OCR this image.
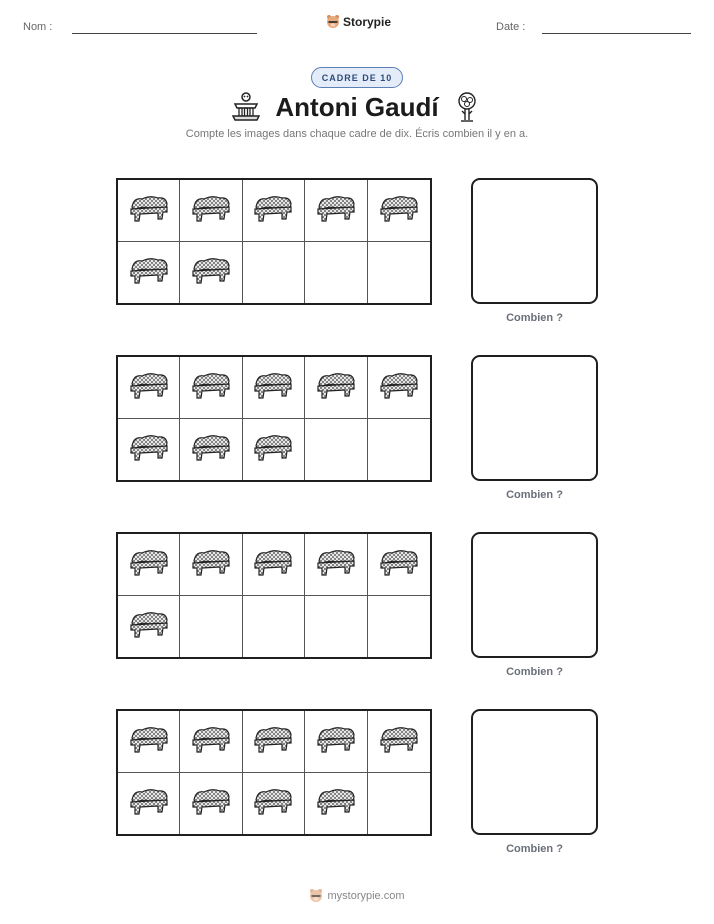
Nom :	Storypie	Date :
CADRE DE 10
Antoni Gaudí
Compte les images dans chaque cadre de dix. Écris combien il y en a.
Combien ?
Combien ?
Combien ?
Combien ?
mystorypie.com
